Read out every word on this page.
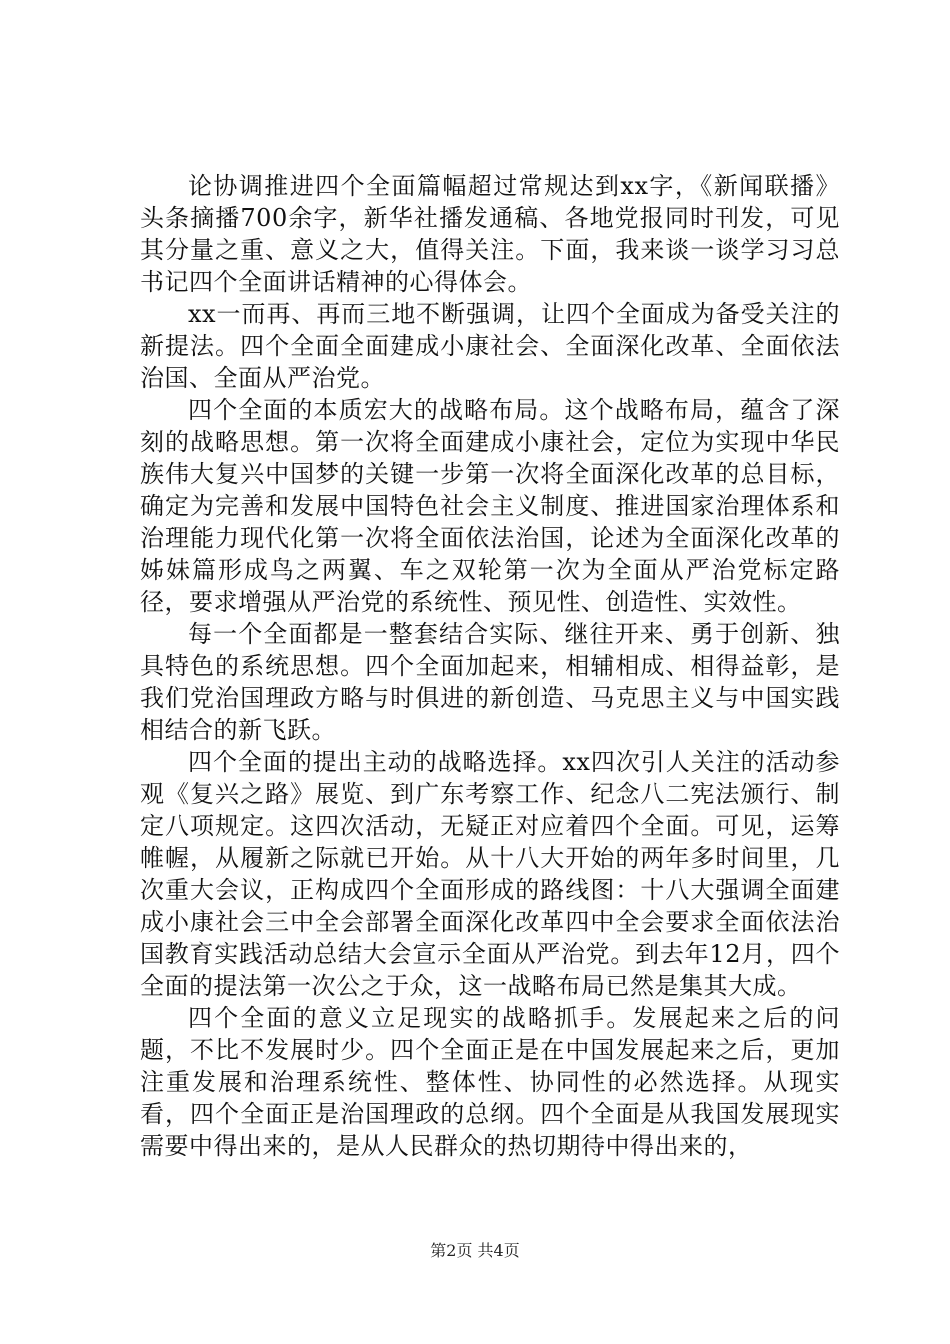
论协调推进四个全面篇幅超过常规达到xx字，《新闻联播》头条摘播700余字，新华社播发通稿、各地党报同时刊发，可见其分量之重、意义之大，值得关注。下面，我来谈一谈学习习总书记四个全面讲话精神的心得体会。

xx一而再、再而三地不断强调，让四个全面成为备受关注的新提法。四个全面全面建成小康社会、全面深化改革、全面依法治国、全面从严治党。

四个全面的本质宏大的战略布局。这个战略布局，蕴含了深刻的战略思想。第一次将全面建成小康社会，定位为实现中华民族伟大复兴中国梦的关键一步第一次将全面深化改革的总目标，确定为完善和发展中国特色社会主义制度、推进国家治理体系和治理能力现代化第一次将全面依法治国，论述为全面深化改革的姊妹篇形成鸟之两翼、车之双轮第一次为全面从严治党标定路径，要求增强从严治党的系统性、预见性、创造性、实效性。

每一个全面都是一整套结合实际、继往开来、勇于创新、独具特色的系统思想。四个全面加起来，相辅相成、相得益彰，是我们党治国理政方略与时俱进的新创造、马克思主义与中国实践相结合的新飞跃。

四个全面的提出主动的战略选择。xx四次引人关注的活动参观《复兴之路》展览、到广东考察工作、纪念八二宪法颁行、制定八项规定。这四次活动，无疑正对应着四个全面。可见，运筹帷幄，从履新之际就已开始。从十八大开始的两年多时间里，几次重大会议，正构成四个全面形成的路线图：十八大强调全面建成小康社会三中全会部署全面深化改革四中全会要求全面依法治国教育实践活动总结大会宣示全面从严治党。到去年12月，四个全面的提法第一次公之于众，这一战略布局已然是集其大成。

四个全面的意义立足现实的战略抓手。发展起来之后的问题，不比不发展时少。四个全面正是在中国发展起来之后，更加注重发展和治理系统性、整体性、协同性的必然选择。从现实看，四个全面正是治国理政的总纲。四个全面是从我国发展现实需要中得出来的，是从人民群众的热切期待中得出来的，

第2页 共4页
